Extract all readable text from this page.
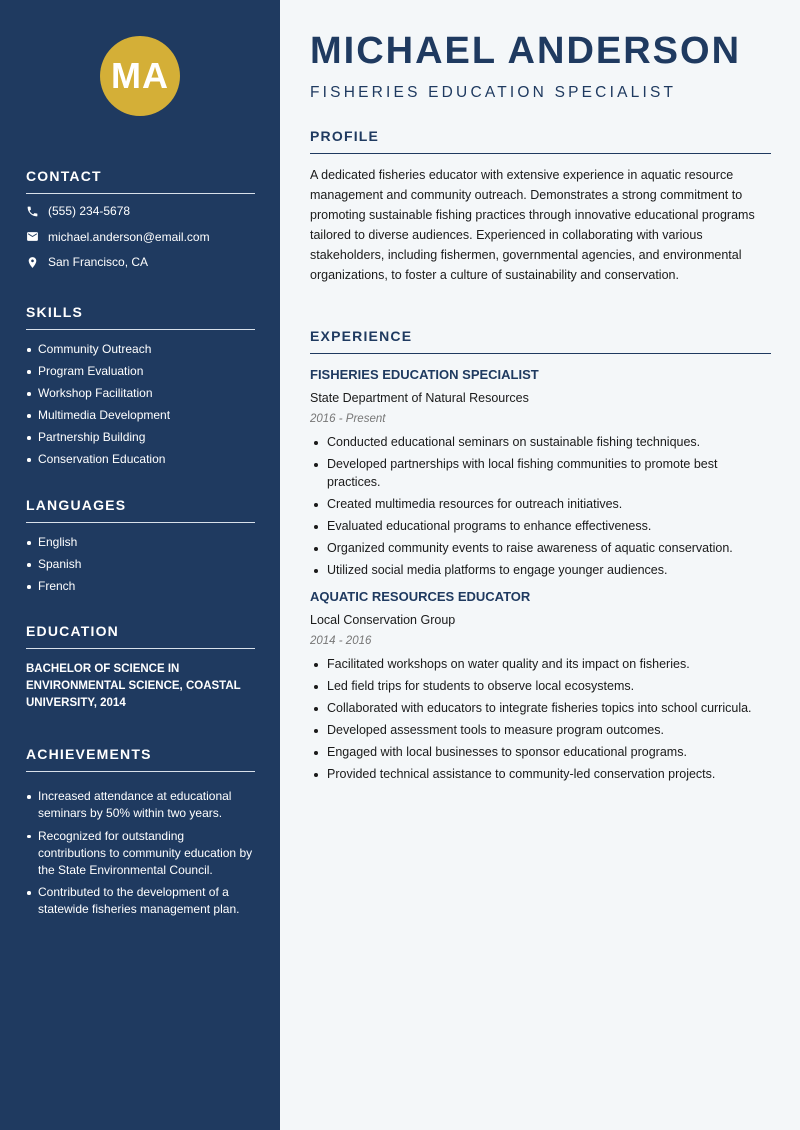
MA
CONTACT
(555) 234-5678
michael.anderson@email.com
San Francisco, CA
SKILLS
Community Outreach
Program Evaluation
Workshop Facilitation
Multimedia Development
Partnership Building
Conservation Education
LANGUAGES
English
Spanish
French
EDUCATION
BACHELOR OF SCIENCE IN ENVIRONMENTAL SCIENCE, COASTAL UNIVERSITY, 2014
ACHIEVEMENTS
Increased attendance at educational seminars by 50% within two years.
Recognized for outstanding contributions to community education by the State Environmental Council.
Contributed to the development of a statewide fisheries management plan.
MICHAEL ANDERSON
FISHERIES EDUCATION SPECIALIST
PROFILE

A dedicated fisheries educator with extensive experience in aquatic resource management and community outreach. Demonstrates a strong commitment to promoting sustainable fishing practices through innovative educational programs tailored to diverse audiences. Experienced in collaborating with various stakeholders, including fishermen, governmental agencies, and environmental organizations, to foster a culture of sustainability and conservation.

EXPERIENCE
FISHERIES EDUCATION SPECIALIST
State Department of Natural Resources
2016 - Present
Conducted educational seminars on sustainable fishing techniques.
Developed partnerships with local fishing communities to promote best practices.
Created multimedia resources for outreach initiatives.
Evaluated educational programs to enhance effectiveness.
Organized community events to raise awareness of aquatic conservation.
Utilized social media platforms to engage younger audiences.
AQUATIC RESOURCES EDUCATOR
Local Conservation Group
2014 - 2016
Facilitated workshops on water quality and its impact on fisheries.
Led field trips for students to observe local ecosystems.
Collaborated with educators to integrate fisheries topics into school curricula.
Developed assessment tools to measure program outcomes.
Engaged with local businesses to sponsor educational programs.
Provided technical assistance to community-led conservation projects.
